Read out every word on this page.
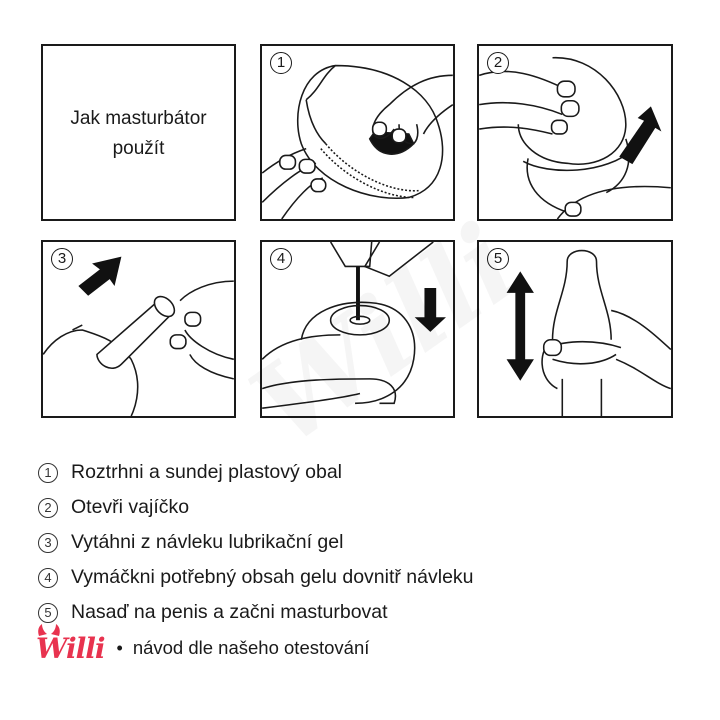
Jak masturbátor
použít
1	2
3	4	5
1 Roztrhni a sundej plastový obal
2 Otevři vajíčko
3 Vytáhni z návleku lubrikační gel
4 Vymáčkni potřebný obsah gelu dovnitř návleku
5 Nasaď na penis a začni masturbovat
Willi • návod dle našeho otestování
